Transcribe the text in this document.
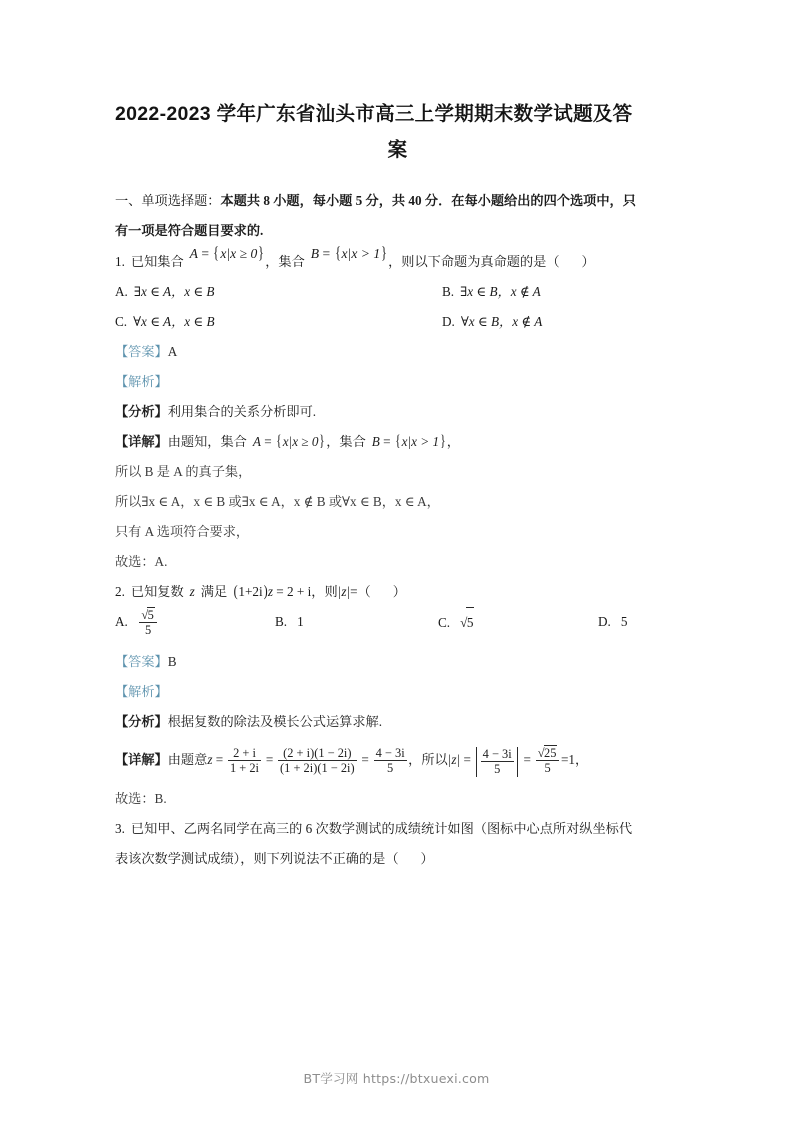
2022-2023 学年广东省汕头市高三上学期期末数学试题及答
案

一、单项选择题：本题共 8 小题，每小题 5 分，共 40 分．在每小题给出的四个选项中，只

有一项是符合题目要求的.

1. 已知集合A = {x|x ≥ 0}，集合B = {x|x > 1}，则以下命题为真命题的是（ ）

A. ∃x ∈ A，x ∈ B	B. ∃x ∈ B，x ∉ A
C. ∀x ∈ A，x ∈ B	D. ∀x ∈ B，x ∉ A

【答案】A

【解析】

【分析】利用集合的关系分析即可.

【详解】由题知，集合 A = {x|x ≥ 0}，集合 B = {x|x > 1}，

所以 B 是 A 的真子集，

所以∃x ∈ A，x ∈ B 或∃x ∈ A，x ∉ B 或∀x ∈ B，x ∈ A，

只有 A 选项符合要求，

故选：A.

2. 已知复数 z 满足 (1+2i)z = 2 + i，则|z|=（ ）

A. $\frac{√5}{5}$	B. 1	C. √5	D. 5

【答案】B

【解析】

【分析】根据复数的除法及模长公式运算求解.

【详解】由题意$z = \frac{2 + i}{1 + 2i} = \frac{(2 + i)(1 - 2i)}{(1 + 2i)(1 - 2i)} = \frac{4 - 3i}{5}$ ，所以$|z| = \frac{4 - 3i}{5} = \frac{√25}{5} =1$，

故选：B.

3. 已知甲、乙两名同学在高三的 6 次数学测试的成绩统计如图（图标中心点所对纵坐标代

表该次数学测试成绩），则下列说法不正确的是（ ）

BT学习网 https://btxuexi.com
